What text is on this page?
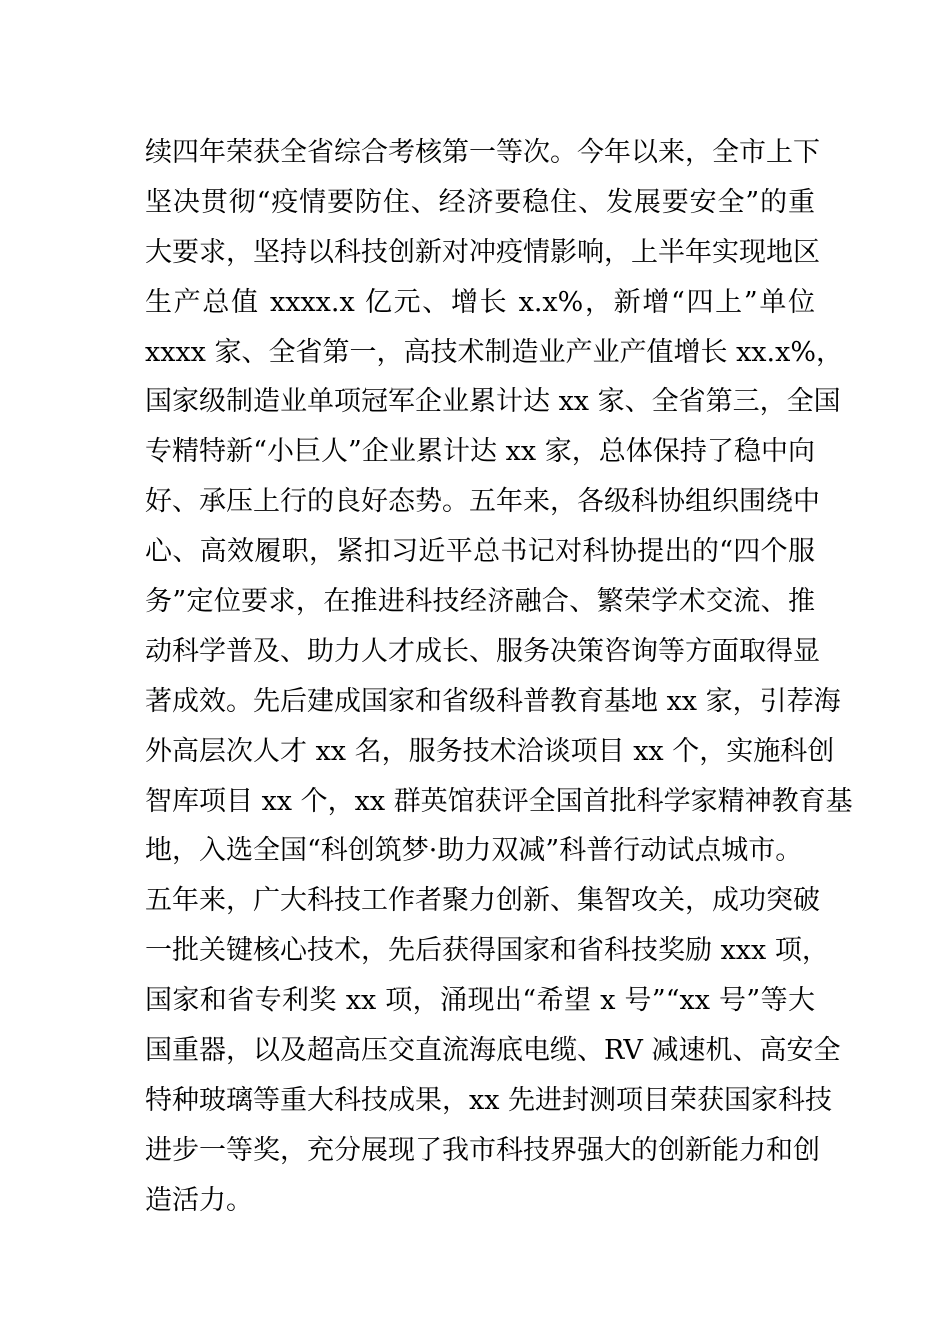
续四年荣获全省综合考核第一等次。今年以来，全市上下
坚决贯彻“疫情要防住、经济要稳住、发展要安全”的重
大要求，坚持以科技创新对冲疫情影响，上半年实现地区
生产总值 xxxx.x 亿元、增长 x.x%，新增“四上”单位
xxxx 家、全省第一，高技术制造业产业产值增长 xx.x%，
国家级制造业单项冠军企业累计达 xx 家、全省第三，全国
专精特新“小巨人”企业累计达 xx 家，总体保持了稳中向
好、承压上行的良好态势。五年来，各级科协组织围绕中
心、高效履职，紧扣习近平总书记对科协提出的“四个服
务”定位要求，在推进科技经济融合、繁荣学术交流、推
动科学普及、助力人才成长、服务决策咨询等方面取得显
著成效。先后建成国家和省级科普教育基地 xx 家，引荐海
外高层次人才 xx 名，服务技术洽谈项目 xx 个，实施科创
智库项目 xx 个，xx 群英馆获评全国首批科学家精神教育基
地，入选全国“科创筑梦·助力双减”科普行动试点城市。
五年来，广大科技工作者聚力创新、集智攻关，成功突破
一批关键核心技术，先后获得国家和省科技奖励 xxx 项，
国家和省专利奖 xx 项，涌现出“希望 x 号”“xx 号”等大
国重器，以及超高压交直流海底电缆、RV 减速机、高安全
特种玻璃等重大科技成果，xx 先进封测项目荣获国家科技
进步一等奖，充分展现了我市科技界强大的创新能力和创
造活力。
